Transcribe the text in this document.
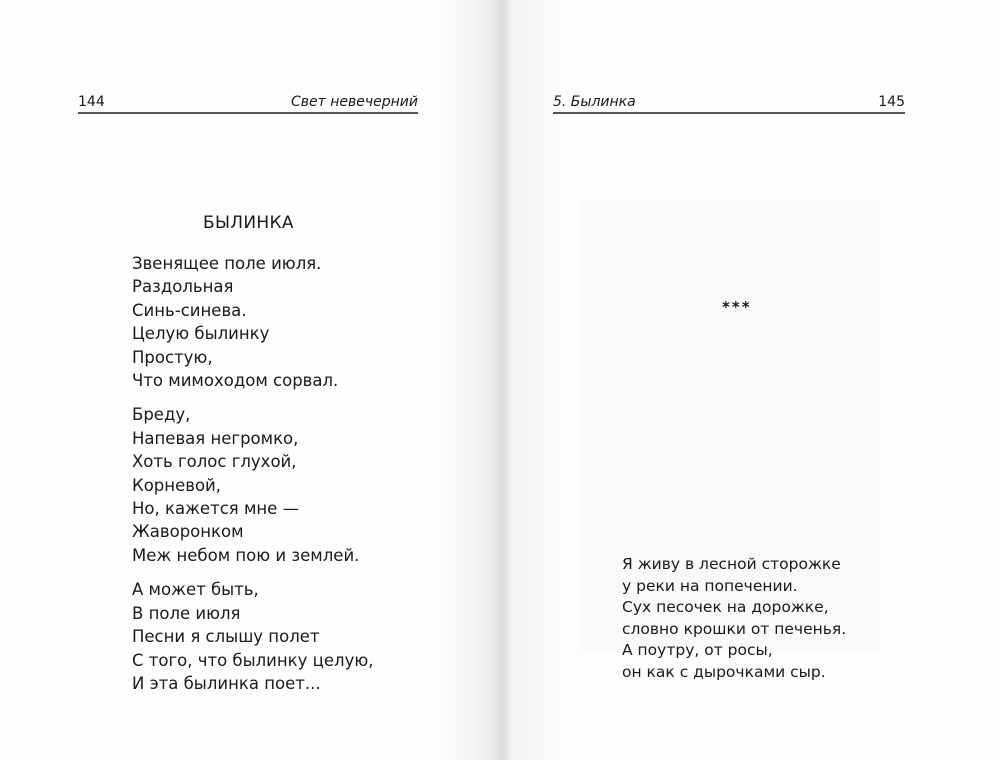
144	Свет невечерний	5. Былинка	145
БЫЛИНКА
Звенящее поле июля.
Раздольная
Синь-синева.
Целую былинку
Простую,
Что мимоходом сорвал.
Бреду,
Напевая негромко,
Хоть голос глухой,
Корневой,
Но, кажется мне —
Жаворонком
Меж небом пою и землей.
А может быть,
В поле июля
Песни я слышу полет
С того, что былинку целую,
И эта былинка поет...
***
Я живу в лесной сторожке
у реки на попечении.
Сух песочек на дорожке,
словно крошки от печенья.
А поутру, от росы,
он как с дырочками сыр.
